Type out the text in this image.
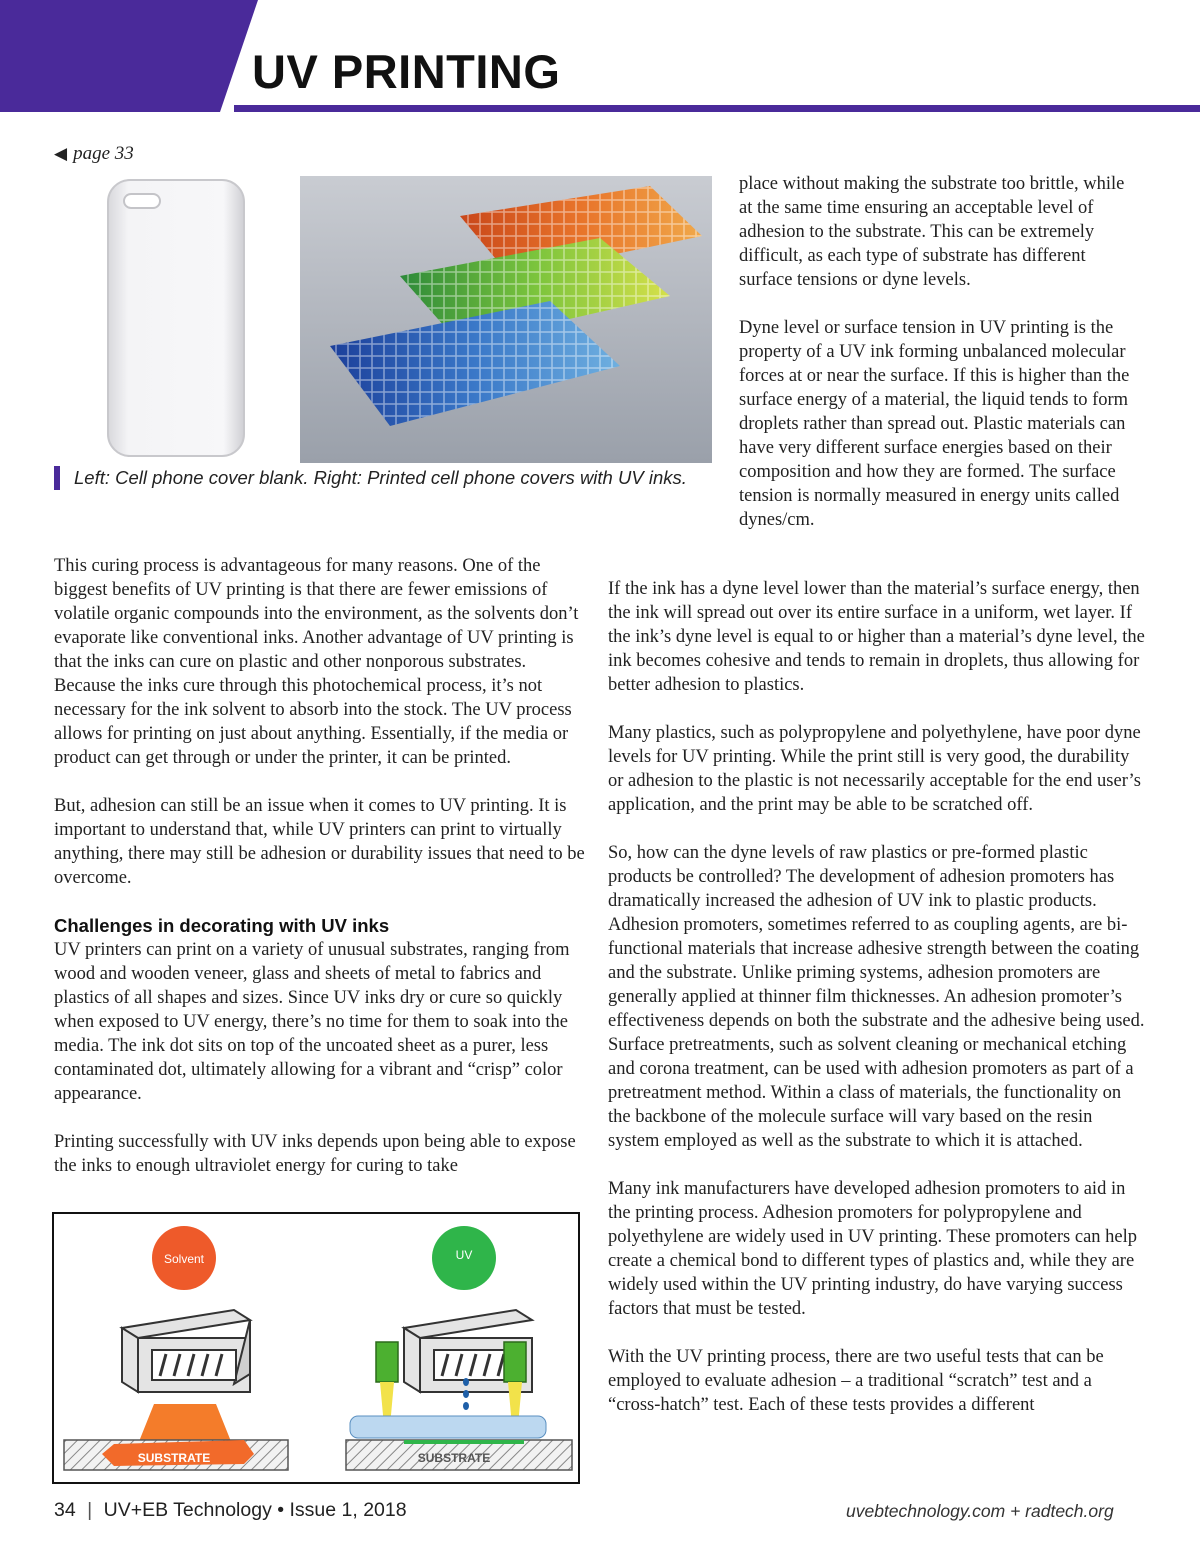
UV PRINTING
◀ page 33
Left: Cell phone cover blank. Right: Printed cell phone covers with UV inks.

place without making the substrate too brittle, while at the same time ensuring an acceptable level of adhesion to the substrate. This can be extremely difficult, as each type of substrate has different surface tensions or dyne levels.

Dyne level or surface tension in UV printing is the property of a UV ink forming unbalanced molecular forces at or near the surface. If this is higher than the surface energy of a material, the liquid tends to form droplets rather than spread out. Plastic materials can have very different surface energies based on their composition and how they are formed. The surface tension is normally measured in energy units called dynes/cm.

This curing process is advantageous for many reasons. One of the biggest benefits of UV printing is that there are fewer emissions of volatile organic compounds into the environment, as the solvents don’t evaporate like conventional inks. Another advantage of UV printing is that the inks can cure on plastic and other nonporous substrates. Because the inks cure through this photochemical process, it’s not necessary for the ink solvent to absorb into the stock. The UV process allows for printing on just about anything. Essentially, if the media or product can get through or under the printer, it can be printed.

But, adhesion can still be an issue when it comes to UV printing. It is important to understand that, while UV printers can print to virtually anything, there may still be adhesion or durability issues that need to be overcome.

Challenges in decorating with UV inks

UV printers can print on a variety of unusual substrates, ranging from wood and wooden veneer, glass and sheets of metal to fabrics and plastics of all shapes and sizes. Since UV inks dry or cure so quickly when exposed to UV energy, there’s no time for them to soak into the media. The ink dot sits on top of the uncoated sheet as a purer, less contaminated dot, ultimately allowing for a vibrant and “crisp” color appearance.

Printing successfully with UV inks depends upon being able to expose the inks to enough ultraviolet energy for curing to take

If the ink has a dyne level lower than the material’s surface energy, then the ink will spread out over its entire surface in a uniform, wet layer. If the ink’s dyne level is equal to or higher than a material’s dyne level, the ink becomes cohesive and tends to remain in droplets, thus allowing for better adhesion to plastics.

Many plastics, such as polypropylene and polyethylene, have poor dyne levels for UV printing. While the print still is very good, the durability or adhesion to the plastic is not necessarily acceptable for the end user’s application, and the print may be able to be scratched off.

So, how can the dyne levels of raw plastics or pre-formed plastic products be controlled? The development of adhesion promoters has dramatically increased the adhesion of UV ink to plastic products. Adhesion promoters, sometimes referred to as coupling agents, are bi-functional materials that increase adhesive strength between the coating and the substrate. Unlike priming systems, adhesion promoters are generally applied at thinner film thicknesses. An adhesion promoter’s effectiveness depends on both the substrate and the adhesive being used. Surface pretreatments, such as solvent cleaning or mechanical etching and corona treatment, can be used with adhesion promoters as part of a pretreatment method. Within a class of materials, the functionality on the backbone of the molecule surface will vary based on the resin system employed as well as the substrate to which it is attached.

Many ink manufacturers have developed adhesion promoters to aid in the printing process. Adhesion promoters for polypropylene and polyethylene are widely used in UV printing. These promoters can help create a chemical bond to different types of plastics and, while they are widely used within the UV printing industry, do have varying success factors that must be tested.

With the UV printing process, there are two useful tests that can be employed to evaluate adhesion – a traditional “scratch” test and a “cross-hatch” test. Each of these tests provides a different

Solvent
SUBSTRATE
UV
SUBSTRATE
34 | UV+EB Technology • Issue 1, 2018	uvebtechnology.com + radtech.org
